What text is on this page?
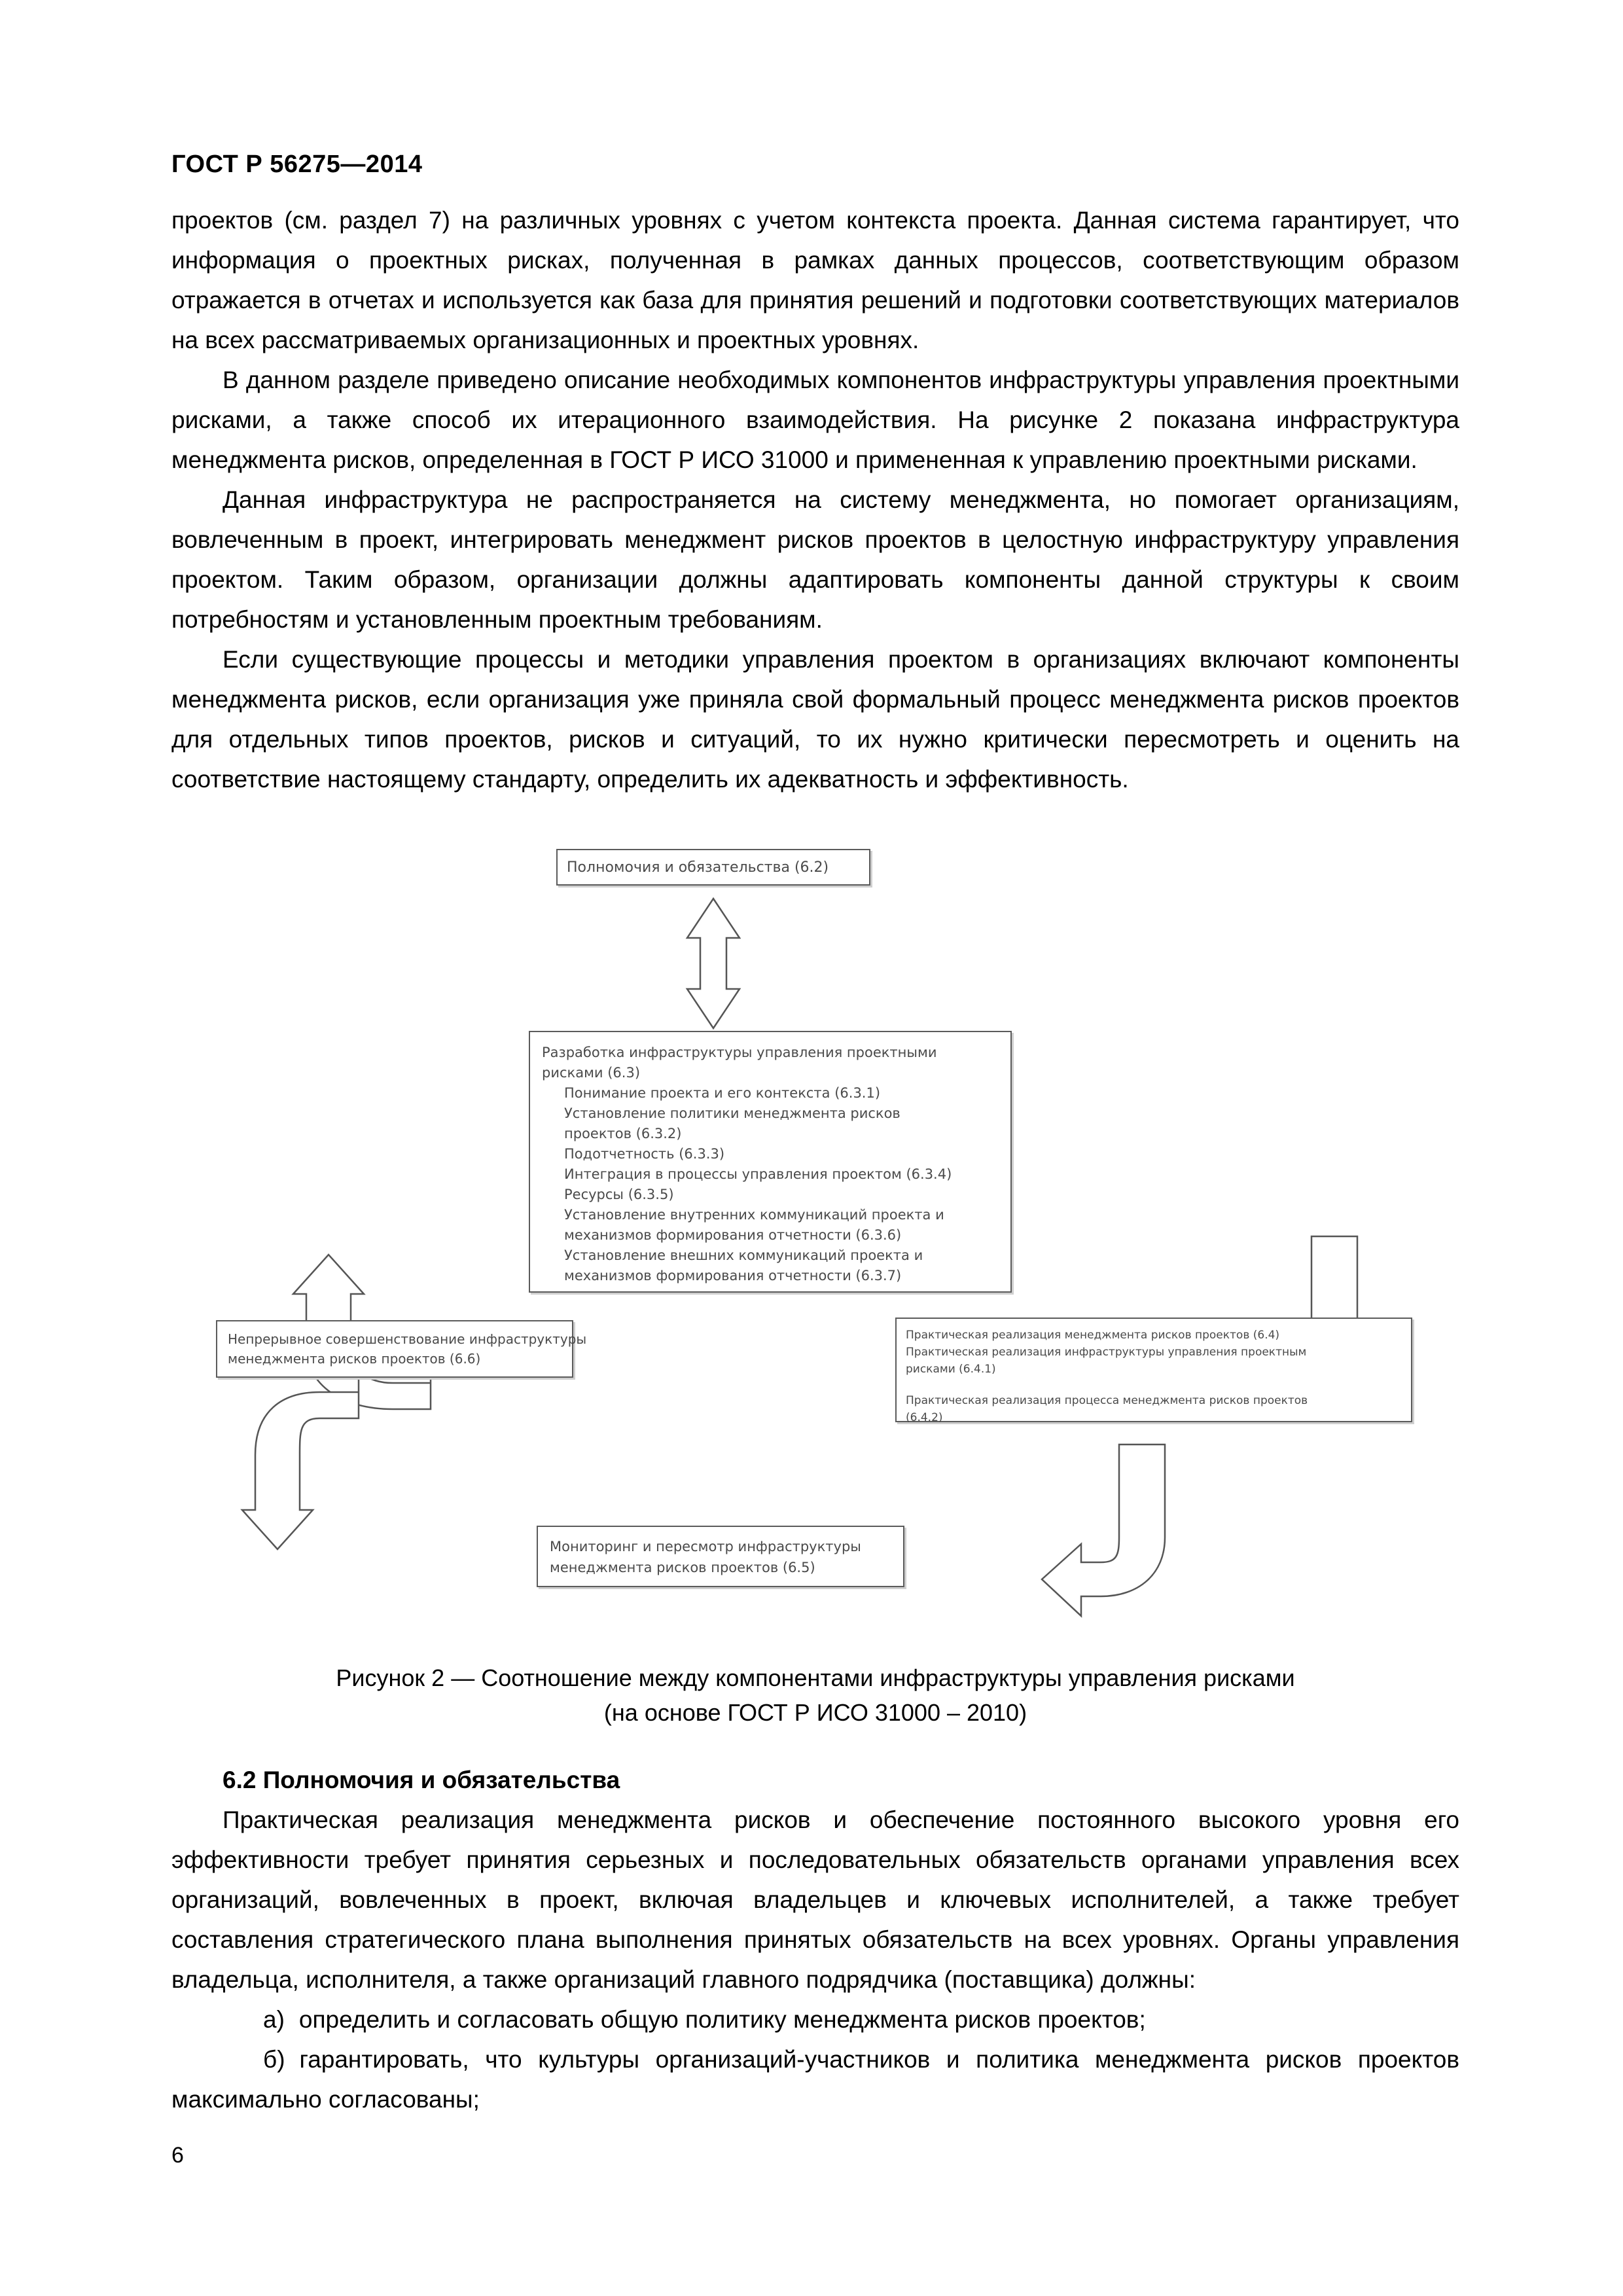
ГОСТ Р 56275—2014

проектов (см. раздел 7) на различных уровнях с учетом контекста проекта. Данная система гарантирует, что информация о проектных рисках, полученная в рамках данных процессов, соответствующим образом отражается в отчетах и используется как база для принятия решений и подготовки соответствующих материалов на всех рассматриваемых организационных и проектных уровнях.

В данном разделе приведено описание необходимых компонентов инфраструктуры управления проектными рисками, а также способ их итерационного взаимодействия. На рисунке 2 показана инфраструктура менеджмента рисков, определенная в ГОСТ Р ИСО 31000 и примененная к управлению проектными рисками.

Данная инфраструктура не распространяется на систему менеджмента, но помогает организациям, вовлеченным в проект, интегрировать менеджмент рисков проектов в целостную инфраструктуру управления проектом. Таким образом, организации должны адаптировать компоненты данной структуры к своим потребностям и установленным проектным требованиям.

Если существующие процессы и методики управления проектом в организациях включают компоненты менеджмента рисков, если организация уже приняла свой формальный процесс менеджмента рисков проектов для отдельных типов проектов, рисков и ситуаций, то их нужно критически пересмотреть и оценить на соответствие настоящему стандарту, определить их адекватность и эффективность.

Полномочия и обязательства (6.2)
Разработка инфраструктуры управления проектными
рисками (6.3)
Понимание проекта и его контекста (6.3.1)
Установление политики менеджмента рисков
проектов (6.3.2)
Подотчетность (6.3.3)
Интеграция в процессы управления проектом (6.3.4)
Ресурсы (6.3.5)
Установление внутренних коммуникаций проекта и
механизмов формирования отчетности (6.3.6)
Установление внешних коммуникаций проекта и
механизмов формирования отчетности (6.3.7)
Непрерывное совершенствование инфраструктуры
менеджмента рисков проектов (6.6)
Практическая реализация менеджмента рисков проектов (6.4)
Практическая реализация инфраструктуры управления проектным
рисками (6.4.1)
Практическая реализация процесса менеджмента рисков проектов
(6.4.2)
Мониторинг и пересмотр инфраструктуры
менеджмента рисков проектов (6.5)

Рисунок 2 — Соотношение между компонентами инфраструктуры управления рисками

(на основе ГОСТ Р ИСО 31000 – 2010)

6.2 Полномочия и обязательства

Практическая реализация менеджмента рисков и обеспечение постоянного высокого уровня его эффективности требует принятия серьезных и последовательных обязательств органами управления всех организаций, вовлеченных в проект, включая владельцев и ключевых исполнителей, а также требует составления стратегического плана выполнения принятых обязательств на всех уровнях. Органы управления владельца, исполнителя, а также организаций главного подрядчика (поставщика) должны:

а) определить и согласовать общую политику менеджмента рисков проектов;

б) гарантировать, что культуры организаций-участников и политика менеджмента рисков проектов максимально согласованы;

6
